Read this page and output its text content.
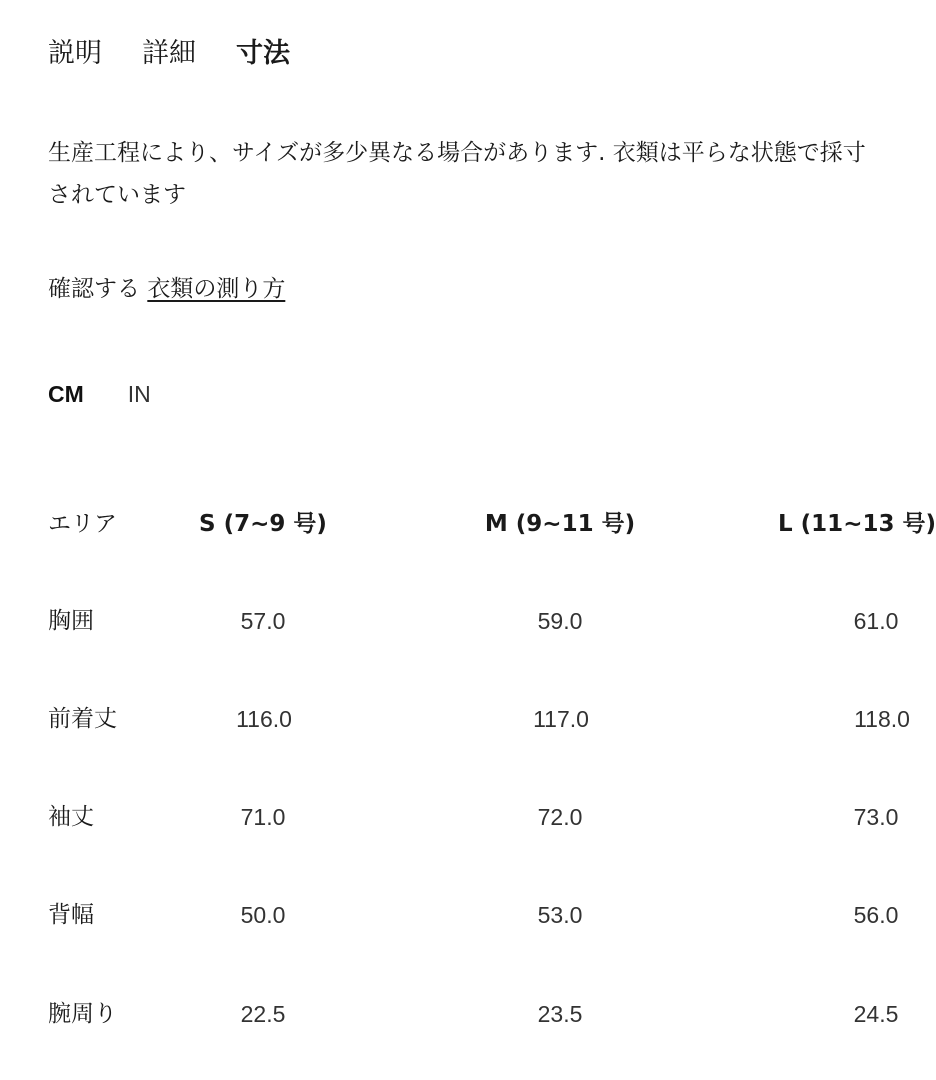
説明 詳細 寸法
生産工程により、サイズが多少異なる場合があります. 衣類は平らな状態で採寸されています
確認する 衣類の測り方
CM IN
エリア	S (7~9 号)	M (9~11 号)	L (11~13 号)
胸囲	57.0	59.0	61.0
前着丈	116.0	117.0	118.0
袖丈	71.0	72.0	73.0
背幅	50.0	53.0	56.0
腕周り	22.5	23.5	24.5
